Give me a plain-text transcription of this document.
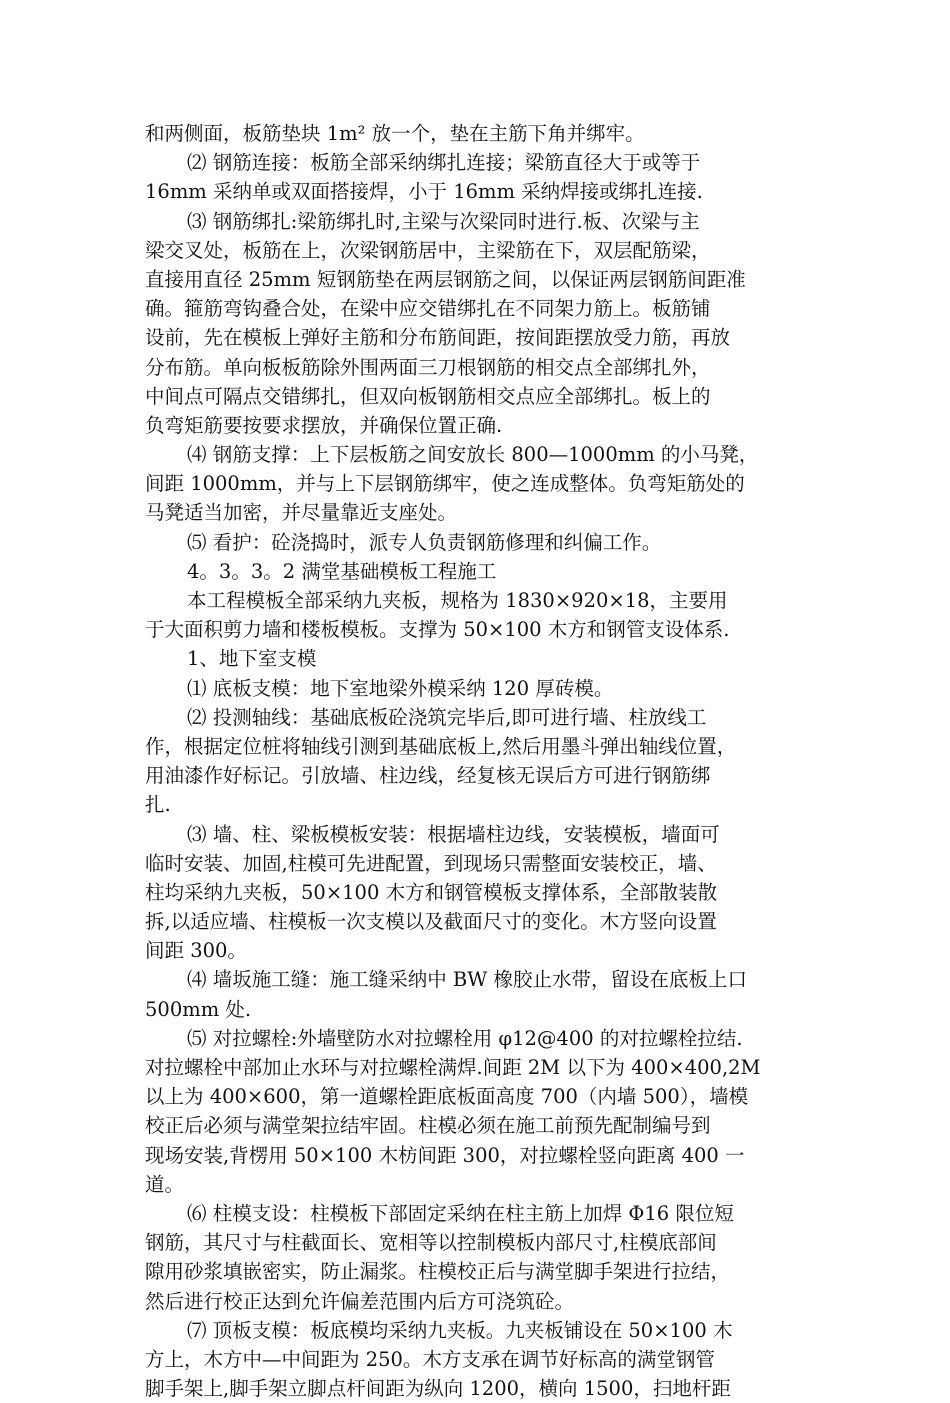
和两侧面，板筋垫块 1m² 放一个，垫在主筋下角并绑牢。
⑵ 钢筋连接：板筋全部采纳绑扎连接；梁筋直径大于或等于
16mm 采纳单或双面搭接焊，小于 16mm 采纳焊接或绑扎连接.
⑶ 钢筋绑扎:梁筋绑扎时,主梁与次梁同时进行.板、次梁与主
梁交叉处，板筋在上，次梁钢筋居中，主梁筋在下，双层配筋梁，
直接用直径 25mm 短钢筋垫在两层钢筋之间，以保证两层钢筋间距准
确。箍筋弯钩叠合处，在梁中应交错绑扎在不同架力筋上。板筋铺
设前，先在模板上弹好主筋和分布筋间距，按间距摆放受力筋，再放
分布筋。单向板板筋除外围两面三刀根钢筋的相交点全部绑扎外，
中间点可隔点交错绑扎，但双向板钢筋相交点应全部绑扎。板上的
负弯矩筋要按要求摆放，并确保位置正确.
⑷ 钢筋支撑：上下层板筋之间安放长 800—1000mm 的小马凳，
间距 1000mm，并与上下层钢筋绑牢，使之连成整体。负弯矩筋处的
马凳适当加密，并尽量靠近支座处。
⑸ 看护：砼浇捣时，派专人负责钢筋修理和纠偏工作。
4。3。3。2 满堂基础模板工程施工
本工程模板全部采纳九夹板，规格为 1830×920×18，主要用
于大面积剪力墙和楼板模板。支撑为 50×100 木方和钢管支设体系.
1、地下室支模
⑴ 底板支模：地下室地梁外模采纳 120 厚砖模。
⑵ 投测轴线：基础底板砼浇筑完毕后,即可进行墙、柱放线工
作，根据定位桩将轴线引测到基础底板上,然后用墨斗弹出轴线位置，
用油漆作好标记。引放墙、柱边线，经复核无误后方可进行钢筋绑
扎.
⑶ 墙、柱、梁板模板安装：根据墙柱边线，安装模板，墙面可
临时安装、加固,柱模可先进配置，到现场只需整面安装校正，墙、
柱均采纳九夹板，50×100 木方和钢管模板支撑体系，全部散装散
拆,以适应墙、柱模板一次支模以及截面尺寸的变化。木方竖向设置
间距 300。
⑷ 墙坂施工缝：施工缝采纳中 BW 橡胶止水带，留设在底板上口
500mm 处.
⑸ 对拉螺栓:外墙壁防水对拉螺栓用 φ12@400 的对拉螺栓拉结.
对拉螺栓中部加止水环与对拉螺栓满焊.间距 2M 以下为 400×400,2M
以上为 400×600，第一道螺栓距底板面高度 700（内墙 500），墙模
校正后必须与满堂架拉结牢固。柱模必须在施工前预先配制编号到
现场安装,背楞用 50×100 木枋间距 300，对拉螺栓竖向距离 400 一
道。
⑹ 柱模支设：柱模板下部固定采纳在柱主筋上加焊 Φ16 限位短
钢筋，其尺寸与柱截面长、宽相等以控制模板内部尺寸,柱模底部间
隙用砂浆填嵌密实，防止漏浆。柱模校正后与满堂脚手架进行拉结，
然后进行校正达到允许偏差范围内后方可浇筑砼。
⑺ 顶板支模：板底模均采纳九夹板。九夹板铺设在 50×100 木
方上，木方中—中间距为 250。木方支承在调节好标高的满堂钢管
脚手架上,脚手架立脚点杆间距为纵向 1200，横向 1500，扫地杆距
